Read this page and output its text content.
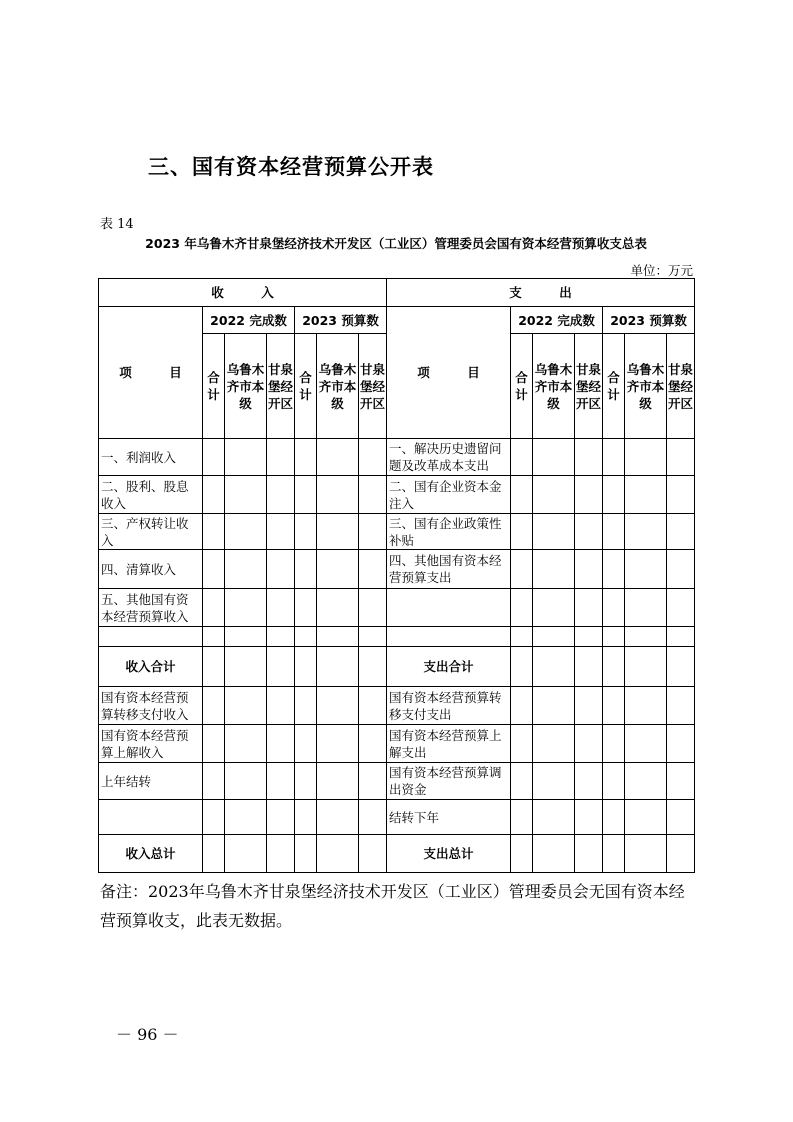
三、国有资本经营预算公开表
表 14
2023 年乌鲁木齐甘泉堡经济技术开发区（工业区）管理委员会国有资本经营预算收支总表
单位：万元
收　　　入							支　　　出						
项　　　目	2022 完成数			2023 预算数			项　　　目	2022 完成数			2023 预算数		
	合计	乌鲁木齐市本级	甘泉堡经开区	合计	乌鲁木齐市本级	甘泉堡经开区		合计	乌鲁木齐市本级	甘泉堡经开区	合计	乌鲁木齐市本级	甘泉堡经开区
一、利润收入							一、解决历史遗留问题及改革成本支出						
二、股利、股息收入							二、国有企业资本金注入						
三、产权转让收入							三、国有企业政策性补贴						
四、清算收入							四、其他国有资本经营预算支出						
五、其他国有资本经营预算收入													

收入合计							支出合计						
国有资本经营预算转移支付收入							国有资本经营预算转移支付支出						
国有资本经营预算上解收入							国有资本经营预算上解支出						
上年结转							国有资本经营预算调出资金						
							结转下年						
收入总计							支出总计						
备注：2023年乌鲁木齐甘泉堡经济技术开发区（工业区）管理委员会无国有资本经营预算收支，此表无数据。
－ 96 －
